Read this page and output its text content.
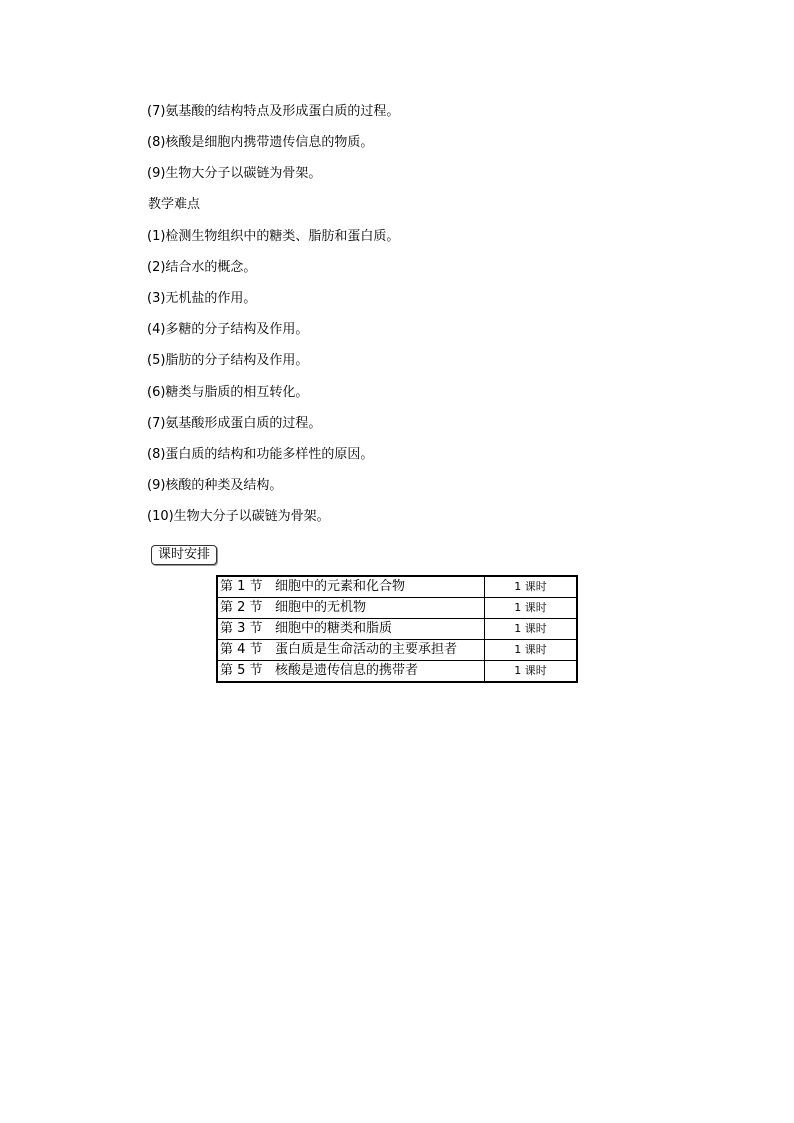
(7)氨基酸的结构特点及形成蛋白质的过程。
(8)核酸是细胞内携带遗传信息的物质。
(9)生物大分子以碳链为骨架。
教学难点
(1)检测生物组织中的糖类、脂肪和蛋白质。
(2)结合水的概念。
(3)无机盐的作用。
(4)多糖的分子结构及作用。
(5)脂肪的分子结构及作用。
(6)糖类与脂质的相互转化。
(7)氨基酸形成蛋白质的过程。
(8)蛋白质的结构和功能多样性的原因。
(9)核酸的种类及结构。
(10)生物大分子以碳链为骨架。
课时安排
第 1 节 细胞中的元素和化合物	1 课时
第 2 节 细胞中的无机物	1 课时
第 3 节 细胞中的糖类和脂质	1 课时
第 4 节 蛋白质是生命活动的主要承担者	1 课时
第 5 节 核酸是遗传信息的携带者	1 课时
